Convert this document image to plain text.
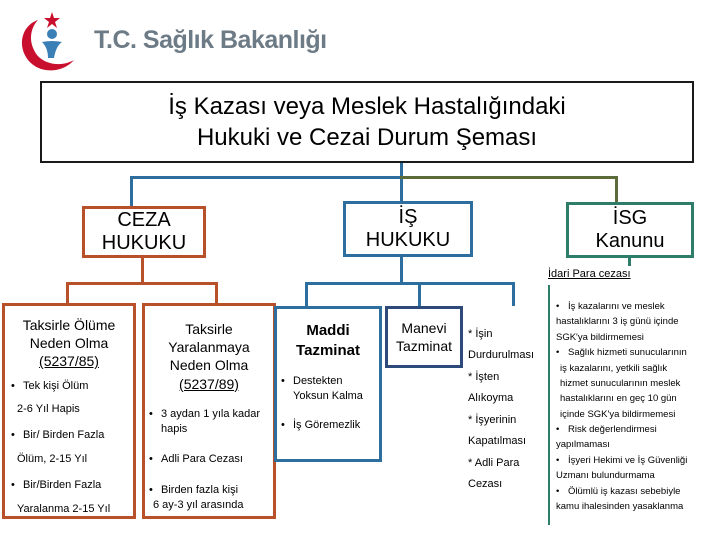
T.C. Sağlık Bakanlığı
İş Kazası veya Meslek Hastalığındaki
Hukuki ve Cezai Durum Şeması
CEZA
HUKUKU
İŞ
HUKUKU
İSG
Kanunu
İdari Para cezası
Taksirle Ölüme
Neden Olma
(5237/85)
• Tek kişi Ölüm
2-6 Yıl Hapis
• Bir/ Birden Fazla
Ölüm, 2-15 Yıl
• Bir/Birden Fazla
Yaralanma 2-15 Yıl
Taksirle
Yaralanmaya
Neden Olma
(5237/89)
• 3 aydan 1 yıla kadar
hapis
• Adli Para Cezası
• Birden fazla kişi
6 ay-3 yıl arasında
Maddi
Tazminat
• Destekten
Yoksun Kalma
• İş Göremezlik
Manevi
Tazminat
* İşin
Durdurulması
* İşten
Alıkoyma
* İşyerinin
Kapatılması
* Adli Para
Cezası
• İş kazalarını ve meslek
hastalıklarını 3 iş günü içinde
SGK'ya bildirmemesi
• Sağlık hizmeti sunucularının
iş kazalarını, yetkili sağlık
hizmet sunucularının meslek
hastalıklarını en geç 10 gün
içinde SGK'ya bildirmemesi
• Risk değerlendirmesi
yapılmaması
• İşyeri Hekimi ve İş Güvenliği
Uzmanı bulundurmama
• Ölümlü iş kazası sebebiyle
kamu ihalesinden yasaklanma
